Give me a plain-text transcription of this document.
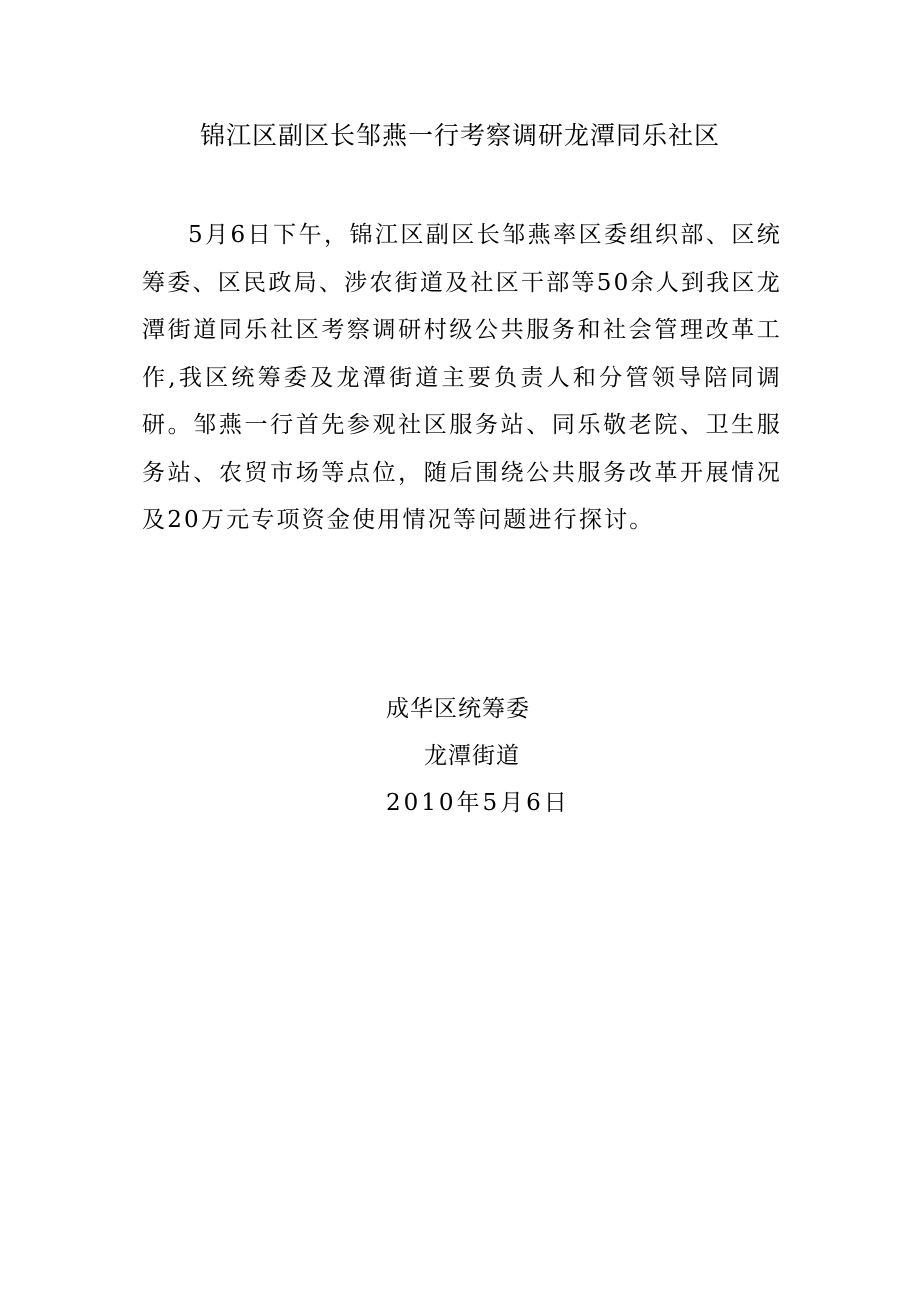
锦江区副区长邹燕一行考察调研龙潭同乐社区

5月6日下午，锦江区副区长邹燕率区委组织部、区统筹委、区民政局、涉农街道及社区干部等50余人到我区龙潭街道同乐社区考察调研村级公共服务和社会管理改革工作,我区统筹委及龙潭街道主要负责人和分管领导陪同调研。邹燕一行首先参观社区服务站、同乐敬老院、卫生服务站、农贸市场等点位，随后围绕公共服务改革开展情况及20万元专项资金使用情况等问题进行探讨。

成华区统筹委
龙潭街道
2010年5月6日
